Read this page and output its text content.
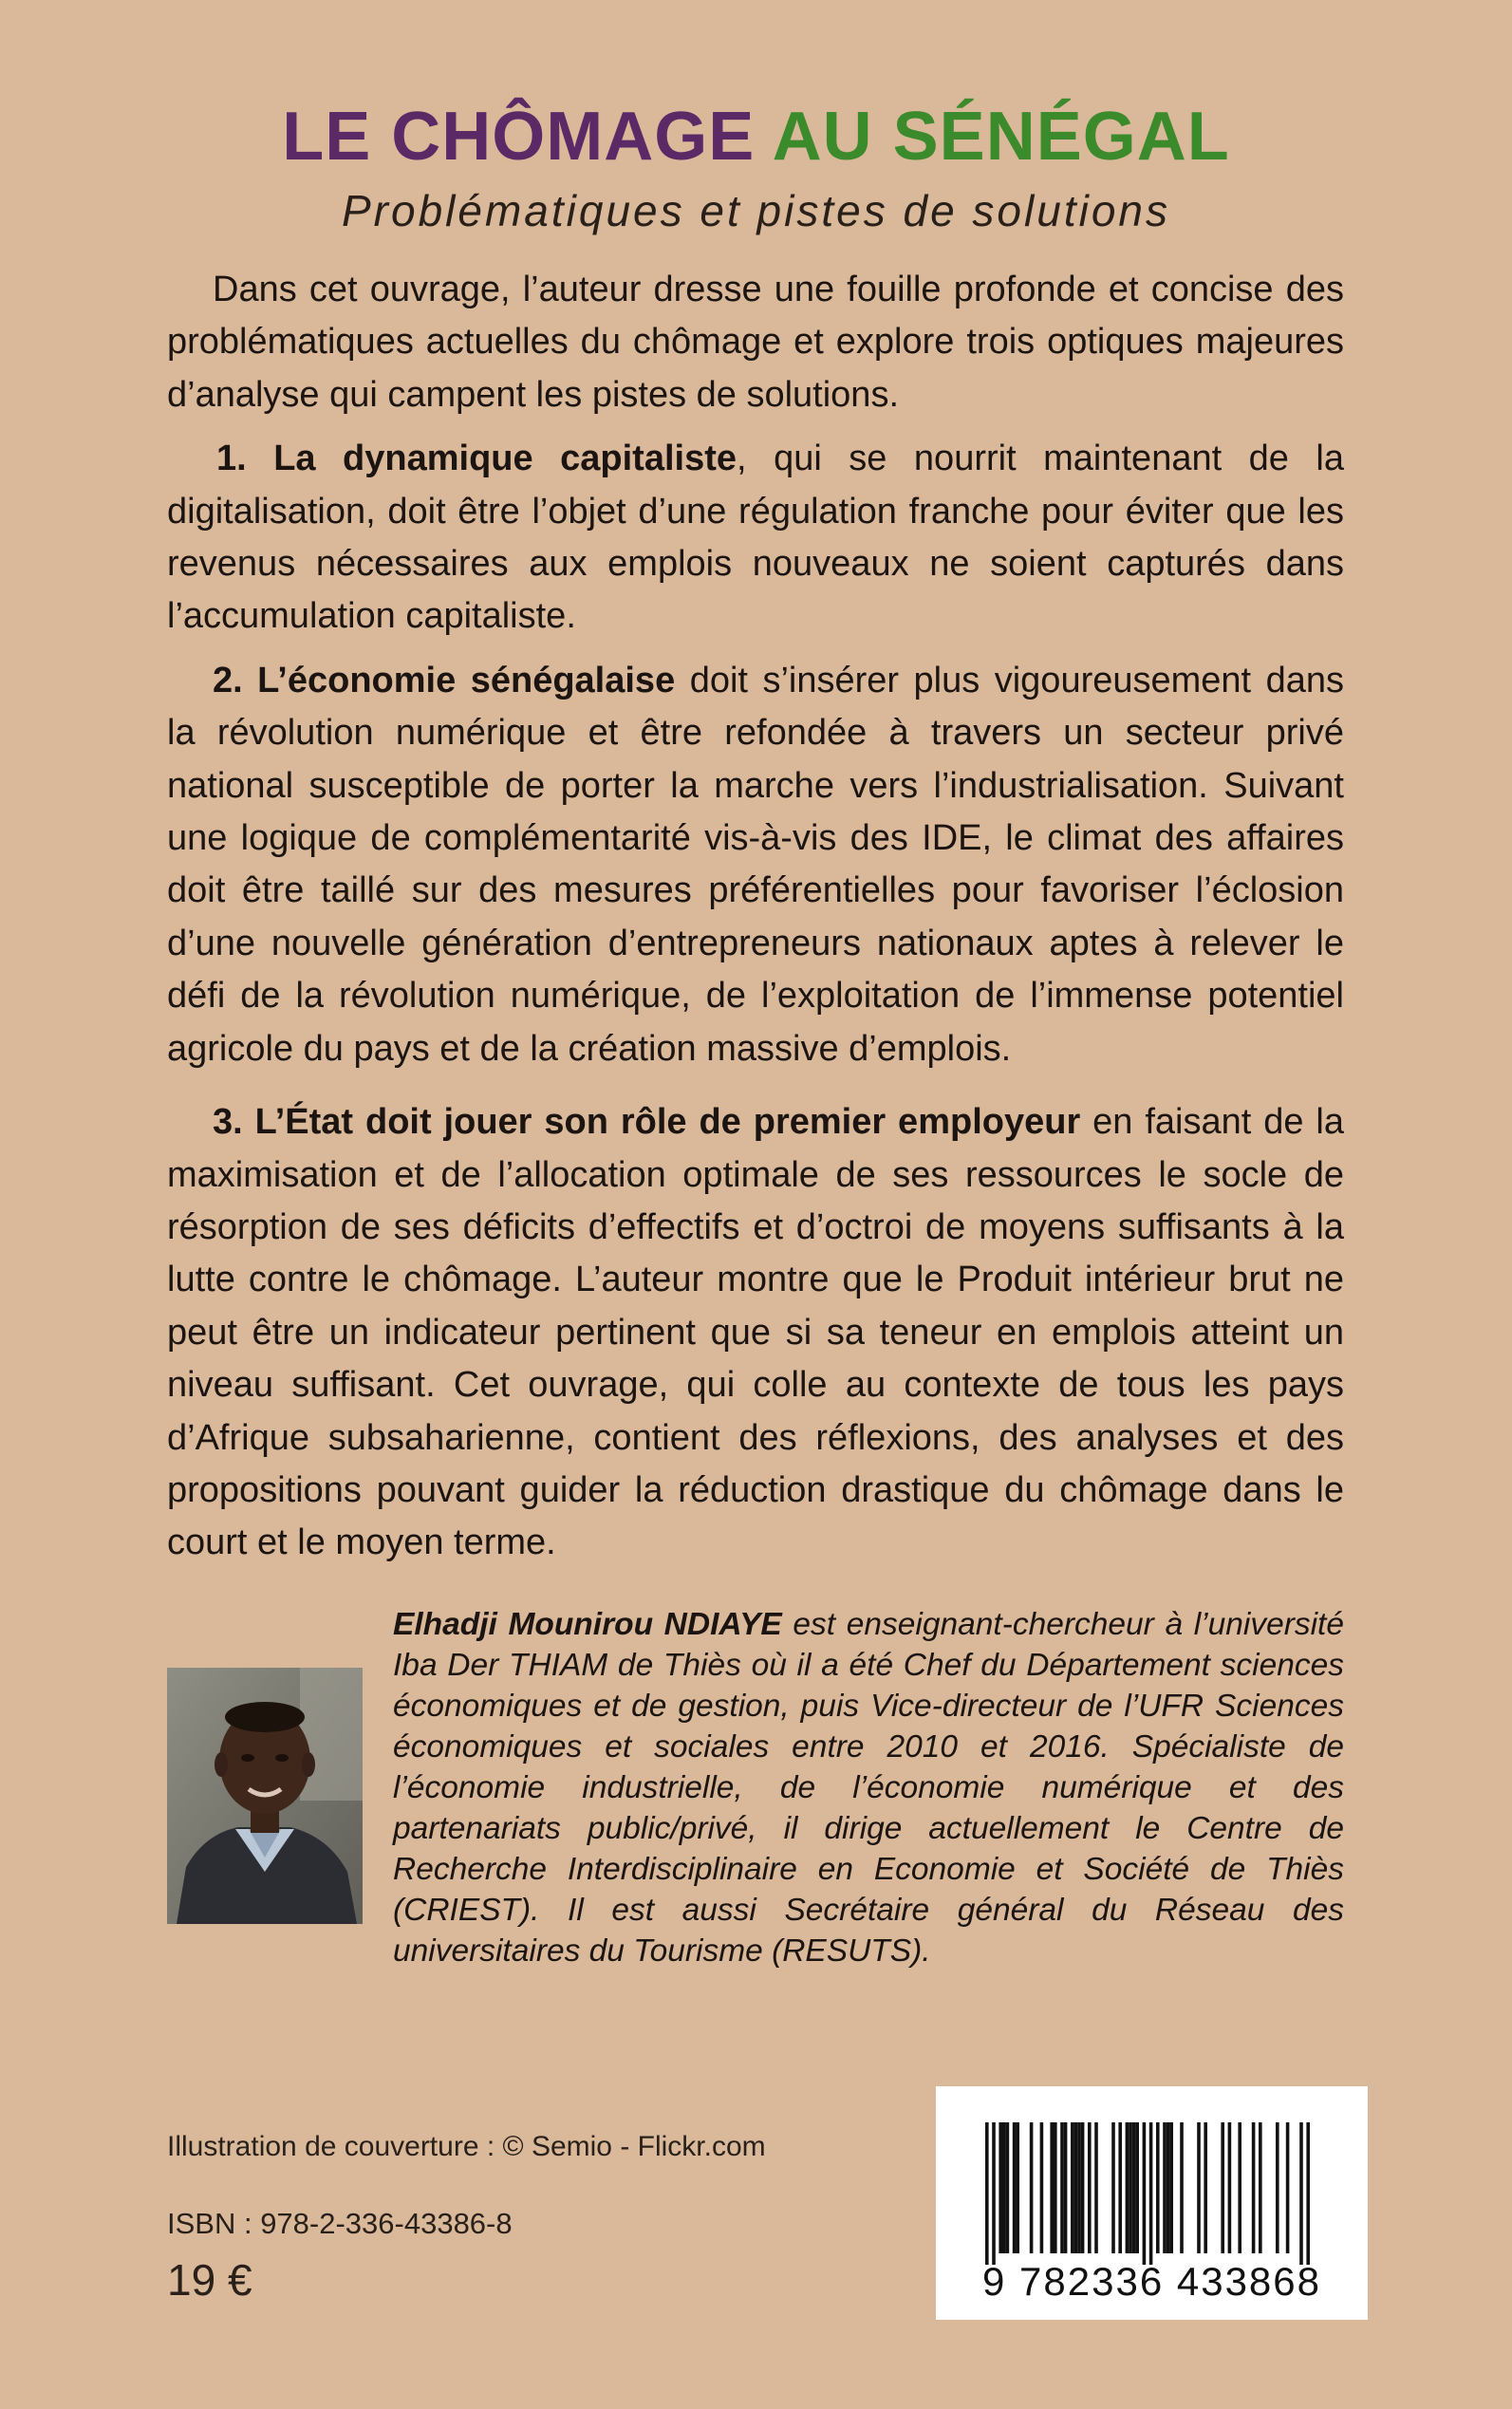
LE CHÔMAGE AU SÉNÉGAL
Problématiques et pistes de solutions

Dans cet ouvrage, l’auteur dresse une fouille profonde et concise des problématiques actuelles du chômage et explore trois optiques majeures d’analyse qui campent les pistes de solutions.

1. La dynamique capitaliste, qui se nourrit maintenant de la digitalisation, doit être l’objet d’une régulation franche pour éviter que les revenus nécessaires aux emplois nouveaux ne soient capturés dans l’accumulation capitaliste.

2. L’économie sénégalaise doit s’insérer plus vigoureusement dans la révolution numérique et être refondée à travers un secteur privé national susceptible de porter la marche vers l’industrialisation. Suivant une logique de complémentarité vis-à-vis des IDE, le climat des affaires doit être taillé sur des mesures préférentielles pour favoriser l’éclosion d’une nouvelle génération d’entrepreneurs nationaux aptes à relever le défi de la révolution numérique, de l’exploitation de l’immense potentiel agricole du pays et de la création massive d’emplois.

3. L’État doit jouer son rôle de premier employeur en faisant de la maximisation et de l’allocation optimale de ses ressources le socle de résorption de ses déficits d’effectifs et d’octroi de moyens suffisants à la lutte contre le chômage. L’auteur montre que le Produit intérieur brut ne peut être un indicateur pertinent que si sa teneur en emplois atteint un niveau suffisant. Cet ouvrage, qui colle au contexte de tous les pays d’Afrique subsaharienne, contient des réflexions, des analyses et des propositions pouvant guider la réduction drastique du chômage dans le court et le moyen terme.

Elhadji Mounirou NDIAYE est enseignant-chercheur à l’université Iba Der THIAM de Thiès où il a été Chef du Département sciences économiques et de gestion, puis Vice-directeur de l’UFR Sciences économiques et sociales entre 2010 et 2016. Spécialiste de l’économie industrielle, de l’économie numérique et des partenariats public/privé, il dirige actuellement le Centre de Recherche Interdisciplinaire en Economie et Société de Thiès (CRIEST). Il est aussi Secrétaire général du Réseau des universitaires du Tourisme (RESUTS).
Illustration de couverture : © Semio - Flickr.com
ISBN : 978-2-336-43386-8
19 €	9 782336 433868
